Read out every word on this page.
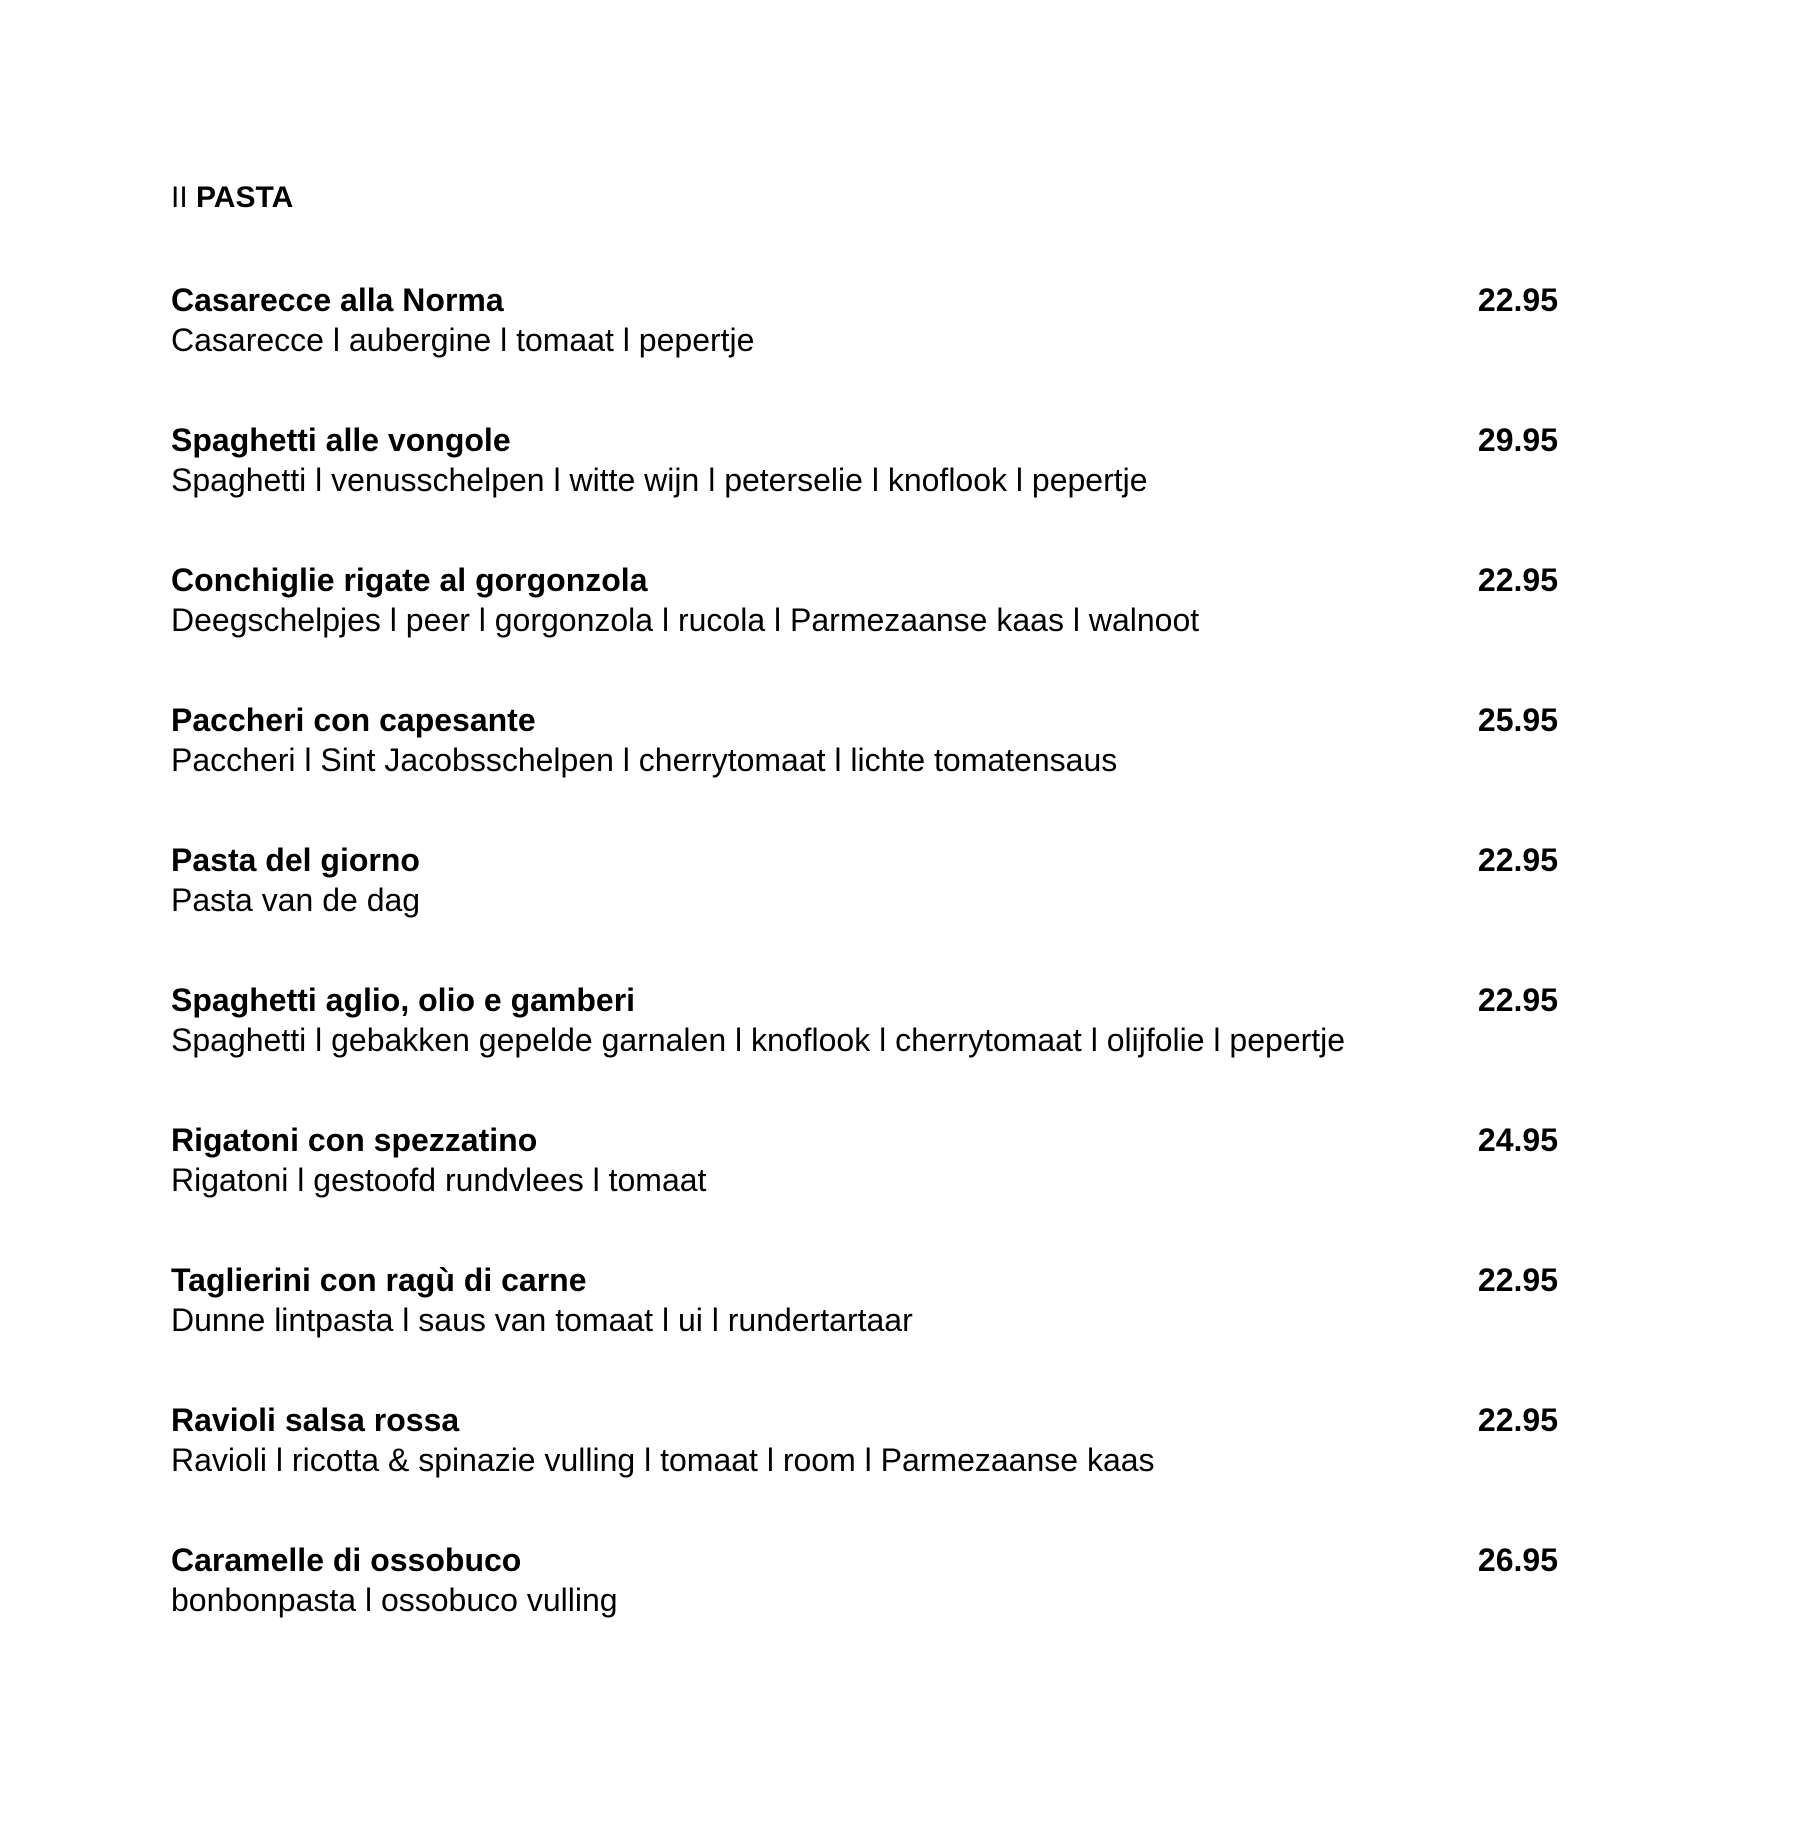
II PASTA
Casarecce alla Norma	22.95
Casarecce l aubergine l tomaat l pepertje
Spaghetti alle vongole	29.95
Spaghetti l venusschelpen l witte wijn l peterselie l knoflook l pepertje
Conchiglie rigate al gorgonzola	22.95
Deegschelpjes l peer l gorgonzola l rucola l Parmezaanse kaas l walnoot
Paccheri con capesante	25.95
Paccheri l Sint Jacobsschelpen l cherrytomaat l lichte tomatensaus
Pasta del giorno	22.95
Pasta van de dag
Spaghetti aglio, olio e gamberi	22.95
Spaghetti l gebakken gepelde garnalen l knoflook l cherrytomaat l olijfolie l pepertje
Rigatoni con spezzatino	24.95
Rigatoni l gestoofd rundvlees l tomaat
Taglierini con ragù di carne	22.95
Dunne lintpasta l saus van tomaat l ui l rundertartaar
Ravioli salsa rossa	22.95
Ravioli l ricotta & spinazie vulling l tomaat l room l Parmezaanse kaas
Caramelle di ossobuco	26.95
bonbonpasta l ossobuco vulling
